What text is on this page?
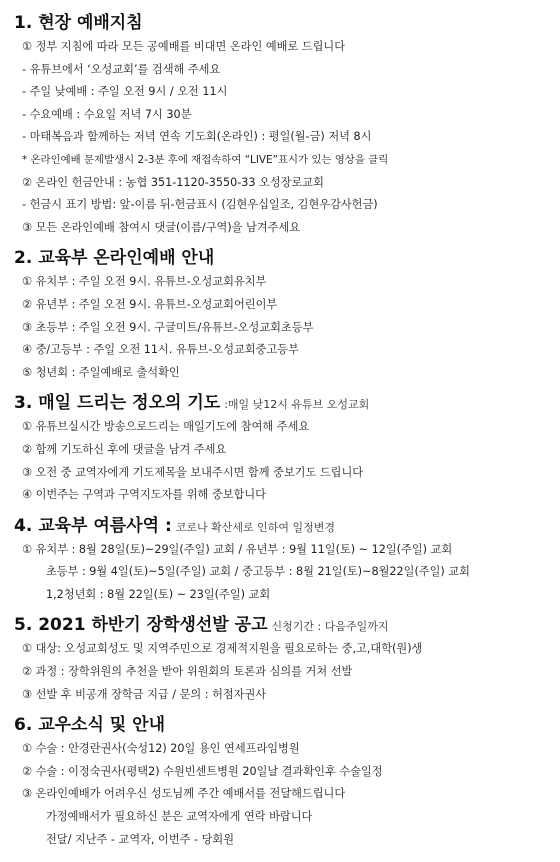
1. 현장 예배지침
① 정부 지침에 따라 모든 공예배를 비대면 온라인 예배로 드립니다
- 유튜브에서 ‘오성교회’를 검색해 주세요
- 주일 낮예배 : 주일 오전 9시 / 오전 11시
- 수요예배 : 수요일 저녁 7시 30분
- 마태복음과 함께하는 저녁 연속 기도회(온라인) : 평일(월-금) 저녁 8시
* 온라인예배 문제발생시 2-3분 후에 재접속하여 “LIVE”표시가 있는 영상을 클릭
② 온라인 헌금안내 : 농협 351-1120-3550-33 오성장로교회
- 헌금시 표기 방법: 앞-이름 뒤-헌금표시 (김현우십일조, 김현우감사헌금)
③ 모든 온라인예배 참여시 댓글(이름/구역)을 남겨주세요
2. 교육부 온라인예배 안내
① 유치부 : 주일 오전 9시. 유튜브-오성교회유치부
② 유년부 : 주일 오전 9시. 유튜브-오성교회어린이부
③ 초등부 : 주일 오전 9시. 구글미트/유튜브-오성교회초등부
④ 중/고등부 : 주일 오전 11시. 유튜브-오성교회중고등부
⑤ 청년회 : 주일예배로 출석확인
3. 매일 드리는 정오의 기도 :매일 낮12시 유튜브 오성교회
① 유튜브실시간 방송으로드리는 매일기도에 참여해 주세요
② 함께 기도하신 후에 댓글을 남겨 주세요
③ 오전 중 교역자에게 기도제목을 보내주시면 함께 중보기도 드립니다
④ 이번주는 구역과 구역지도자를 위해 중보합니다
4. 교육부 여름사역 : 코로나 확산세로 인하여 일정변경
① 유치부 : 8월 28일(토)~29일(주일) 교회 / 유년부 : 9월 11일(토) ~ 12일(주일) 교회
초등부 : 9월 4일(토)~5일(주일) 교회 / 중고등부 : 8월 21일(토)~8월22일(주일) 교회
1,2청년회 : 8월 22일(토) ~ 23일(주일) 교회
5. 2021 하반기 장학생선발 공고 신청기간 : 다음주일까지
① 대상: 오성교회성도 및 지역주민으로 경제적지원을 필요로하는 중,고,대학(원)생
② 과정 : 장학위원의 추천을 받아 위원회의 토론과 심의를 거쳐 선발
③ 선발 후 비공개 장학금 지급 / 문의 : 허점자권사
6. 교우소식 및 안내
① 수술 : 안경란권사(숙성12) 20일 용인 연세프라임병원
② 수술 : 이정숙권사(평택2) 수원빈센트병원 20일날 결과확인후 수술일정
③ 온라인예배가 어려우신 성도님께 주간 예배서를 전달해드립니다
가정예배서가 필요하신 분은 교역자에게 연락 바랍니다
전달/ 지난주 - 교역자, 이번주 - 당회원
